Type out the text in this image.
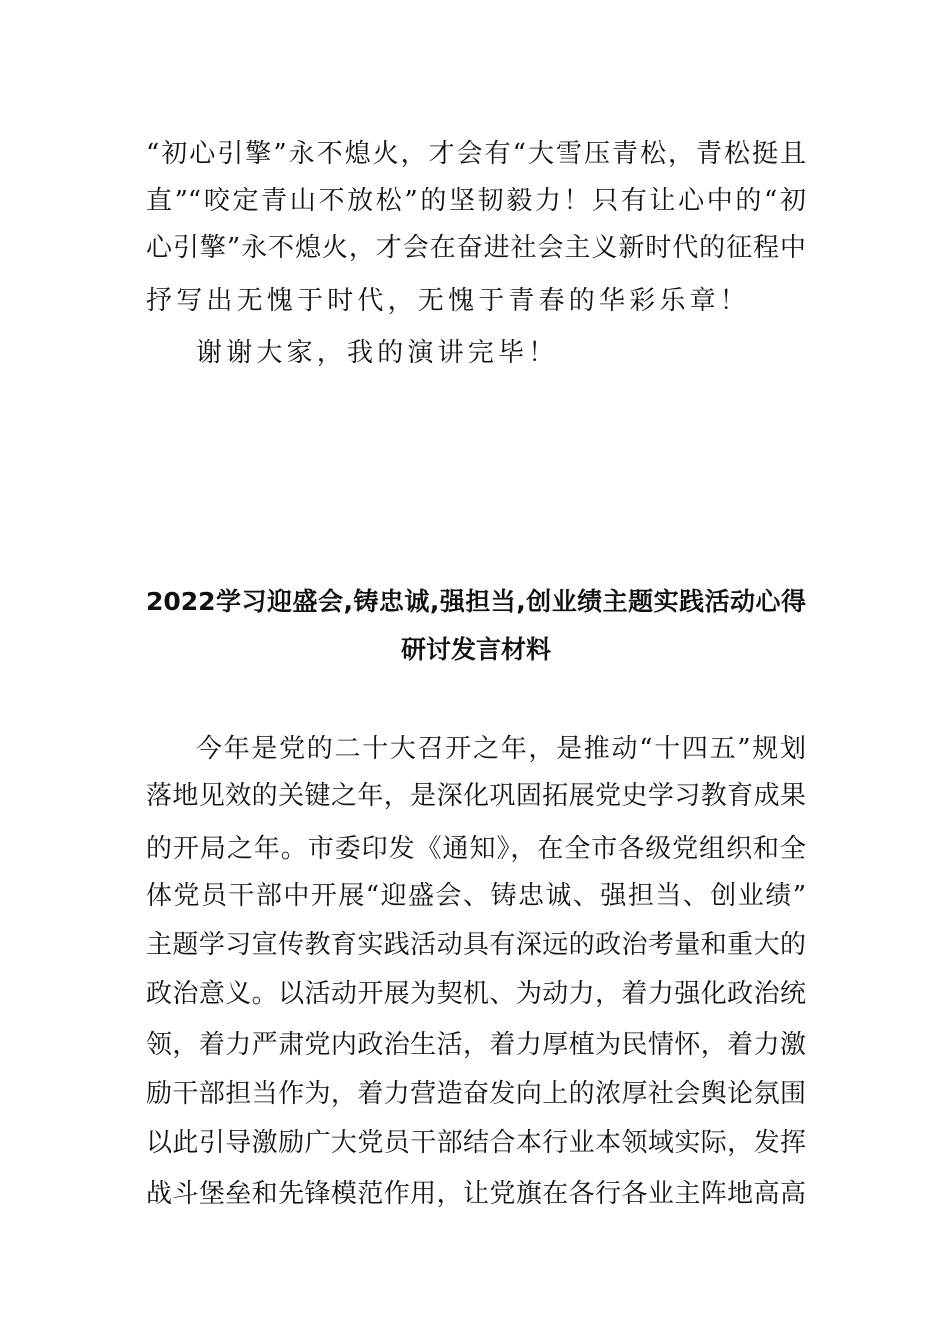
“初心引擎”永不熄火，才会有“大雪压青松，青松挺且
直”“咬定青山不放松”的坚韧毅力！只有让心中的“初
心引擎”永不熄火，才会在奋进社会主义新时代的征程中
抒写出无愧于时代，无愧于青春的华彩乐章！
谢谢大家，我的演讲完毕！
2022学习迎盛会,铸忠诚,强担当,创业绩主题实践活动心得
研讨发言材料
今年是党的二十大召开之年，是推动“十四五”规划
落地见效的关键之年，是深化巩固拓展党史学习教育成果
的开局之年。市委印发《通知》，在全市各级党组织和全
体党员干部中开展“迎盛会、铸忠诚、强担当、创业绩”
主题学习宣传教育实践活动具有深远的政治考量和重大的
政治意义。以活动开展为契机、为动力，着力强化政治统
领，着力严肃党内政治生活，着力厚植为民情怀，着力激
励干部担当作为，着力营造奋发向上的浓厚社会舆论氛围
以此引导激励广大党员干部结合本行业本领域实际，发挥
战斗堡垒和先锋模范作用，让党旗在各行各业主阵地高高
